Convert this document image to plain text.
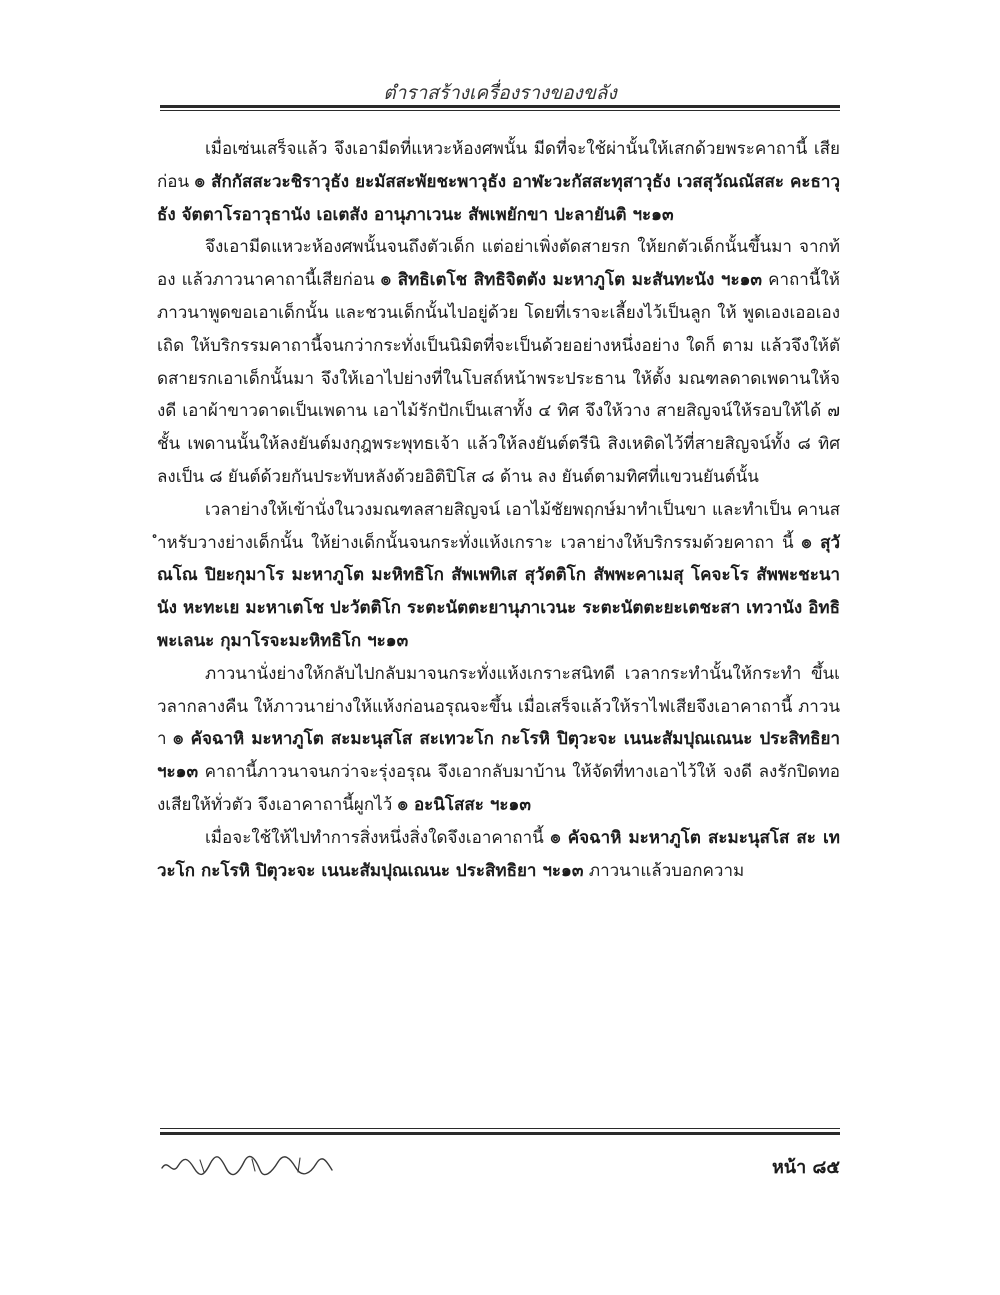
ตำราสร้างเครื่องรางของขลัง

เมื่อเซ่นเสร็จแล้ว จึงเอามีดที่แหวะห้องศพนั้น มีดที่จะใช้ผ่านั้นให้เสกด้วยพระคาถานี้ เสียก่อน ๏ สักกัสสะวะชิราวุธัง ยะมัสสะพัยชะพาวุธัง อาฬะวะกัสสะทุสาวุธัง เวสสุวัณณัสสะ คะธาวุธัง จัตตาโรอาวุธานัง เอเตสัง อานุภาเวนะ สัพเพยักขา ปะลายันติ ฯะ๑๓

จึงเอามีดแหวะห้องศพนั้นจนถึงตัวเด็ก แต่อย่าเพิ่งตัดสายรก ให้ยกตัวเด็กนั้นขึ้นมา จากท้อง แล้วภาวนาคาถานี้เสียก่อน ๏ สิทธิเตโช สิทธิจิตตัง มะหาภูโต มะสันทะนัง ฯะ๑๓ คาถานี้ให้ภาวนาพูดขอเอาเด็กนั้น และชวนเด็กนั้นไปอยู่ด้วย โดยที่เราจะเลี้ยงไว้เป็นลูก ให้ พูดเองเออเองเถิด ให้บริกรรมคาถานี้จนกว่ากระทั่งเป็นนิมิตที่จะเป็นด้วยอย่างหนึ่งอย่าง ใดก็ ตาม แล้วจึงให้ตัดสายรกเอาเด็กนั้นมา จึงให้เอาไปย่างที่ในโบสถ์หน้าพระประธาน ให้ตั้ง มณฑลดาดเพดานให้จงดี เอาผ้าขาวดาดเป็นเพดาน เอาไม้รักปักเป็นเสาทั้ง ๔ ทิศ จึงให้วาง สายสิญจน์ให้รอบให้ได้ ๗ ชั้น เพดานนั้นให้ลงยันต์มงกุฎพระพุทธเจ้า แล้วให้ลงยันต์ตรีนิ สิงเหติดไว้ที่สายสิญจน์ทั้ง ๘ ทิศ ลงเป็น ๘ ยันต์ด้วยกันประทับหลังด้วยอิติปิโส ๘ ด้าน ลง ยันต์ตามทิศที่แขวนยันต์นั้น

เวลาย่างให้เข้านั่งในวงมณฑลสายสิญจน์ เอาไม้ชัยพฤกษ์มาทำเป็นขา และทำเป็น คานสำหรับวางย่างเด็กนั้น ให้ย่างเด็กนั้นจนกระทั่งแห้งเกราะ เวลาย่างให้บริกรรมด้วยคาถา นี้ ๏ สุวัณโณ ปิยะกุมาโร มะหาภูโต มะหิทธิโก สัพเพทิเส สุวัตติโก สัพพะคาเมสุ โคจะโร สัพพะชะนานัง หะทะเย มะหาเตโช ปะวัตติโก ระตะนัตตะยานุภาเวนะ ระตะนัตตะยะเตชะสา เทวานัง อิทธิพะเลนะ กุมาโรจะมะหิทธิโก ฯะ๑๓

ภาวนานั่งย่างให้กลับไปกลับมาจนกระทั่งแห้งเกราะสนิทดี เวลากระทำนั้นให้กระทำ ขึ้นเวลากลางคืน ให้ภาวนาย่างให้แห้งก่อนอรุณจะขึ้น เมื่อเสร็จแล้วให้ราไฟเสียจึงเอาคาถานี้ ภาวนา ๏ คัจฉาหิ มะหาภูโต สะมะนุสโส สะเทวะโก กะโรหิ ปิตุวะจะ เนนะสัมปุณเณนะ ประสิทธิยา ฯะ๑๓ คาถานี้ภาวนาจนกว่าจะรุ่งอรุณ จึงเอากลับมาบ้าน ให้จัดที่ทางเอาไว้ให้ จงดี ลงรักปิดทองเสียให้ทั่วตัว จึงเอาคาถานี้ผูกไว้ ๏ อะนิโสสะ ฯะ๑๓

เมื่อจะใช้ให้ไปทำการสิ่งหนึ่งสิ่งใดจึงเอาคาถานี้ ๏ คัจฉาหิ มะหาภูโต สะมะนุสโส สะ เทวะโก กะโรหิ ปิตุวะจะ เนนะสัมปุณเณนะ ประสิทธิยา ฯะ๑๓ ภาวนาแล้วบอกความ

หน้า ๘๕
